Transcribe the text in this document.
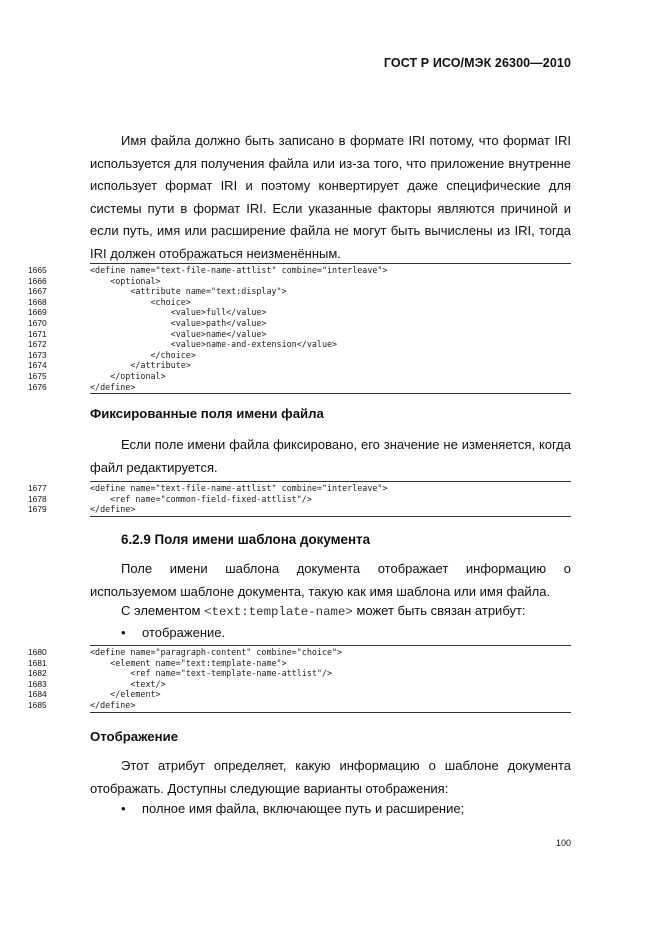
ГОСТ Р ИСО/МЭК 26300—2010

Имя файла должно быть записано в формате IRI потому, что формат IRI используется для получения файла или из-за того, что приложение внутренне использует формат IRI и поэтому конвертирует даже специфические для системы пути в формат IRI. Если указанные факторы являются причиной и если путь, имя или расширение файла не могут быть вычислены из IRI, тогда IRI должен отображаться неизменённым.

1665	<define name="text-file-name-attlist" combine="interleave">
1666	<optional>
1667	<attribute name="text:display">
1668	<choice>
1669	<value>full</value>
1670	<value>path</value>
1671	<value>name</value>
1672	<value>name-and-extension</value>
1673	</choice>
1674	</attribute>
1675	</optional>
1676	</define>
Фиксированные поля имени файла

Если поле имени файла фиксировано, его значение не изменяется, когда файл редактируется.

1677	<define name="text-file-name-attlist" combine="interleave">
1678	<ref name="common-field-fixed-attlist"/>
1679	</define>
6.2.9 Поля имени шаблона документа

Поле имени шаблона документа отображает информацию о используемом шаблоне документа, такую как имя шаблона или имя файла.

С элементом <text:template-name> может быть связан атрибут:

• отображение.

1680	<define name="paragraph-content" combine="choice">
1681	<element name="text:template-name">
1682	<ref name="text-template-name-attlist"/>
1683	<text/>
1684	</element>
1685	</define>
Отображение

Этот атрибут определяет, какую информацию о шаблоне документа отображать. Доступны следующие варианты отображения:

• полное имя файла, включающее путь и расширение;

100
